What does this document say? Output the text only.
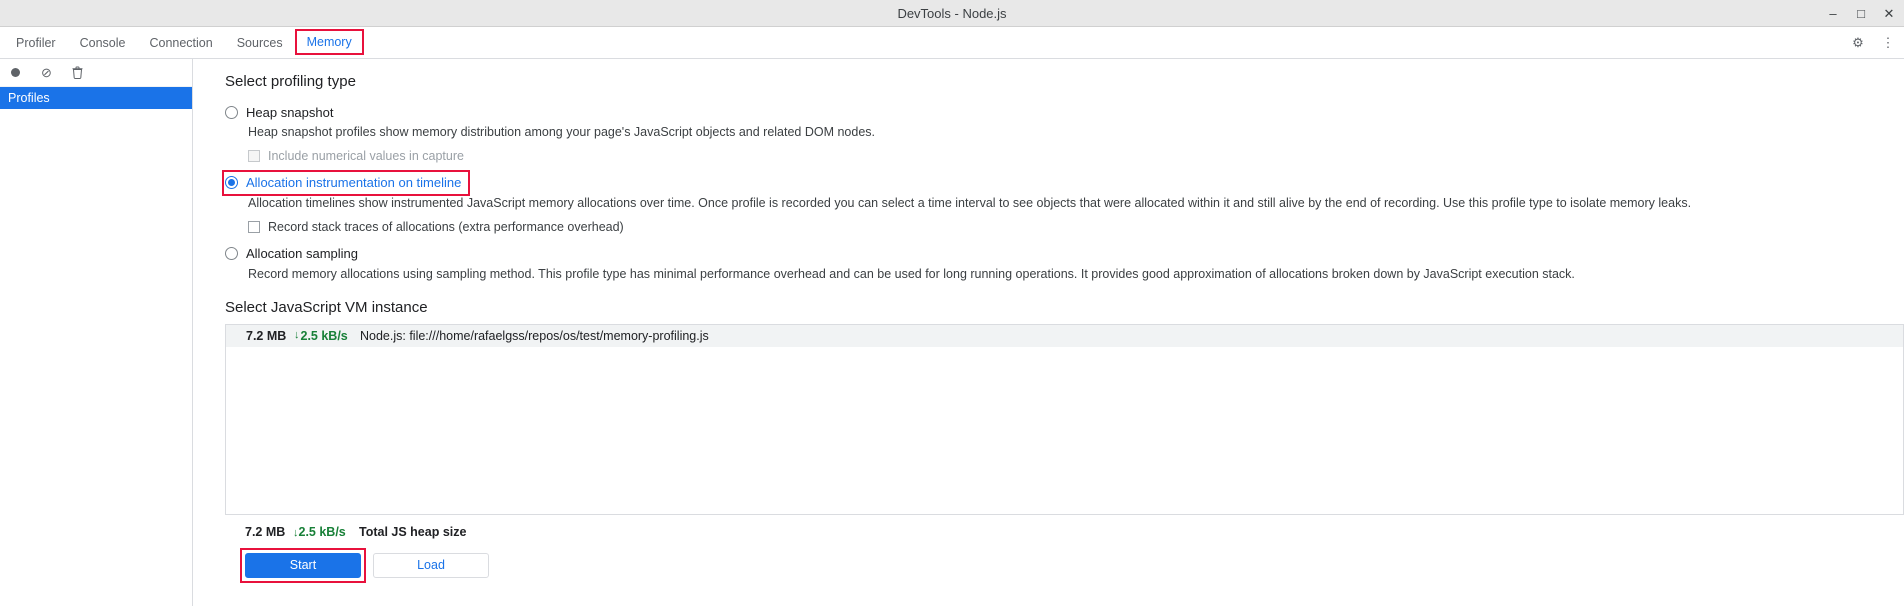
DevTools - Node.js	‒ □ ✕
Profiler Console Connection Sources Memory	⚙ ⋮
⊘
Profiles
Select profiling type
Heap snapshot
Heap snapshot profiles show memory distribution among your page's JavaScript objects and related DOM nodes.
Include numerical values in capture
Allocation instrumentation on timeline
Allocation timelines show instrumented JavaScript memory allocations over time. Once profile is recorded you can select a time interval to see objects that were allocated within it and still alive by the end of recording. Use this profile type to isolate memory leaks.
Record stack traces of allocations (extra performance overhead)
Allocation sampling
Record memory allocations using sampling method. This profile type has minimal performance overhead and can be used for long running operations. It provides good approximation of allocations broken down by JavaScript execution stack.
Select JavaScript VM instance
7.2 MB ↓ 2.5 kB/s Node.js: file:///home/rafaelgss/repos/os/test/memory-profiling.js
7.2 MB ↓2.5 kB/s	Total JS heap size
Start	Load
